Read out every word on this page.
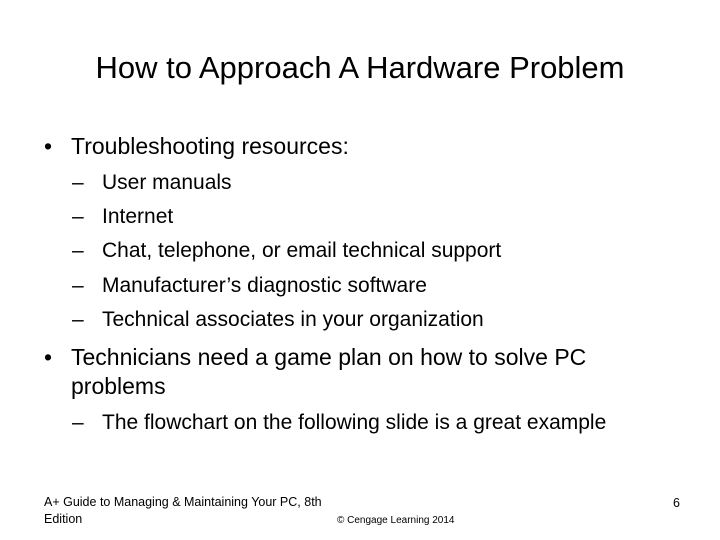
How to Approach A Hardware Problem
• Troubleshooting resources:
– User manuals
– Internet
– Chat, telephone, or email technical support
– Manufacturer’s diagnostic software
– Technical associates in your organization
• Technicians need a game plan on how to solve PC problems
– The flowchart on the following slide is a great example
A+ Guide to Managing & Maintaining Your PC, 8th Edition	© Cengage Learning 2014
6
